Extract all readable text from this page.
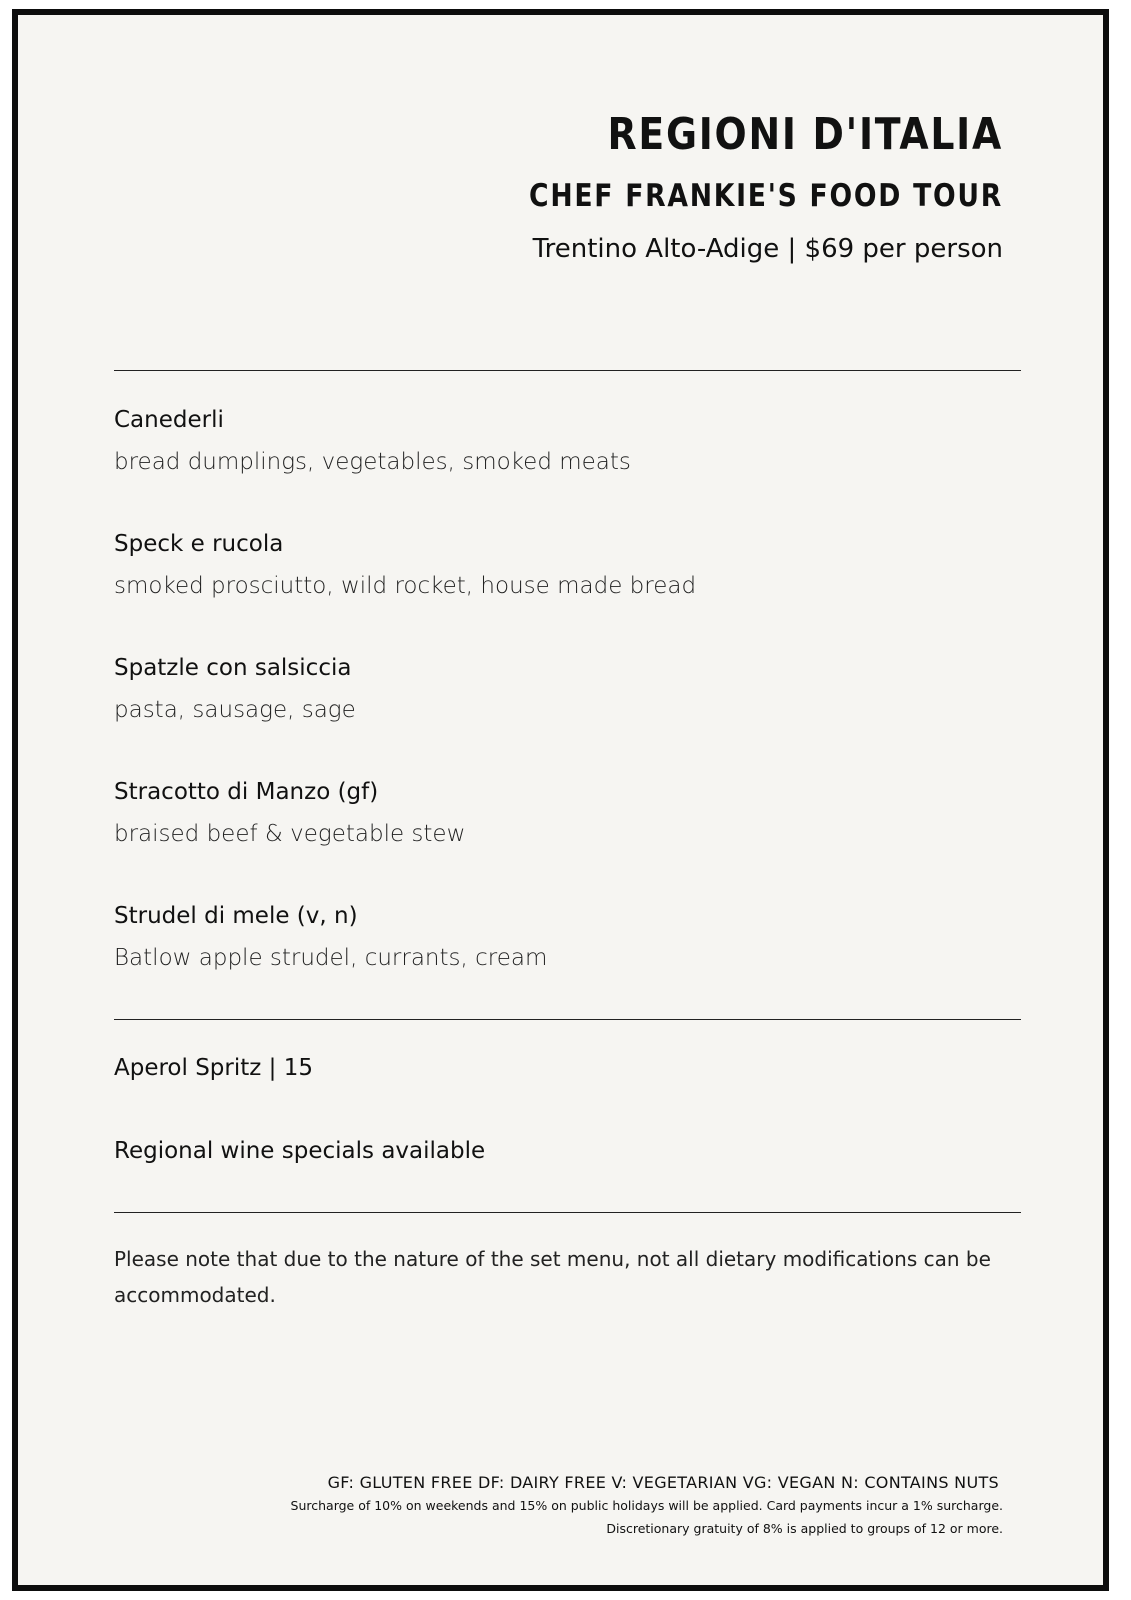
REGIONI D'ITALIA
CHEF FRANKIE'S FOOD TOUR
Trentino Alto-Adige | $69 per person
Canederli
bread dumplings, vegetables, smoked meats
Speck e rucola
smoked prosciutto, wild rocket, house made bread
Spatzle con salsiccia
pasta, sausage, sage
Stracotto di Manzo (gf)
braised beef & vegetable stew
Strudel di mele (v, n)
Batlow apple strudel, currants, cream
Aperol Spritz | 15
Regional wine specials available
Please note that due to the nature of the set menu, not all dietary modifications can be accommodated.
GF: GLUTEN FREE DF: DAIRY FREE V: VEGETARIAN VG: VEGAN N: CONTAINS NUTS
Surcharge of 10% on weekends and 15% on public holidays will be applied. Card payments incur a 1% surcharge.
Discretionary gratuity of 8% is applied to groups of 12 or more.
